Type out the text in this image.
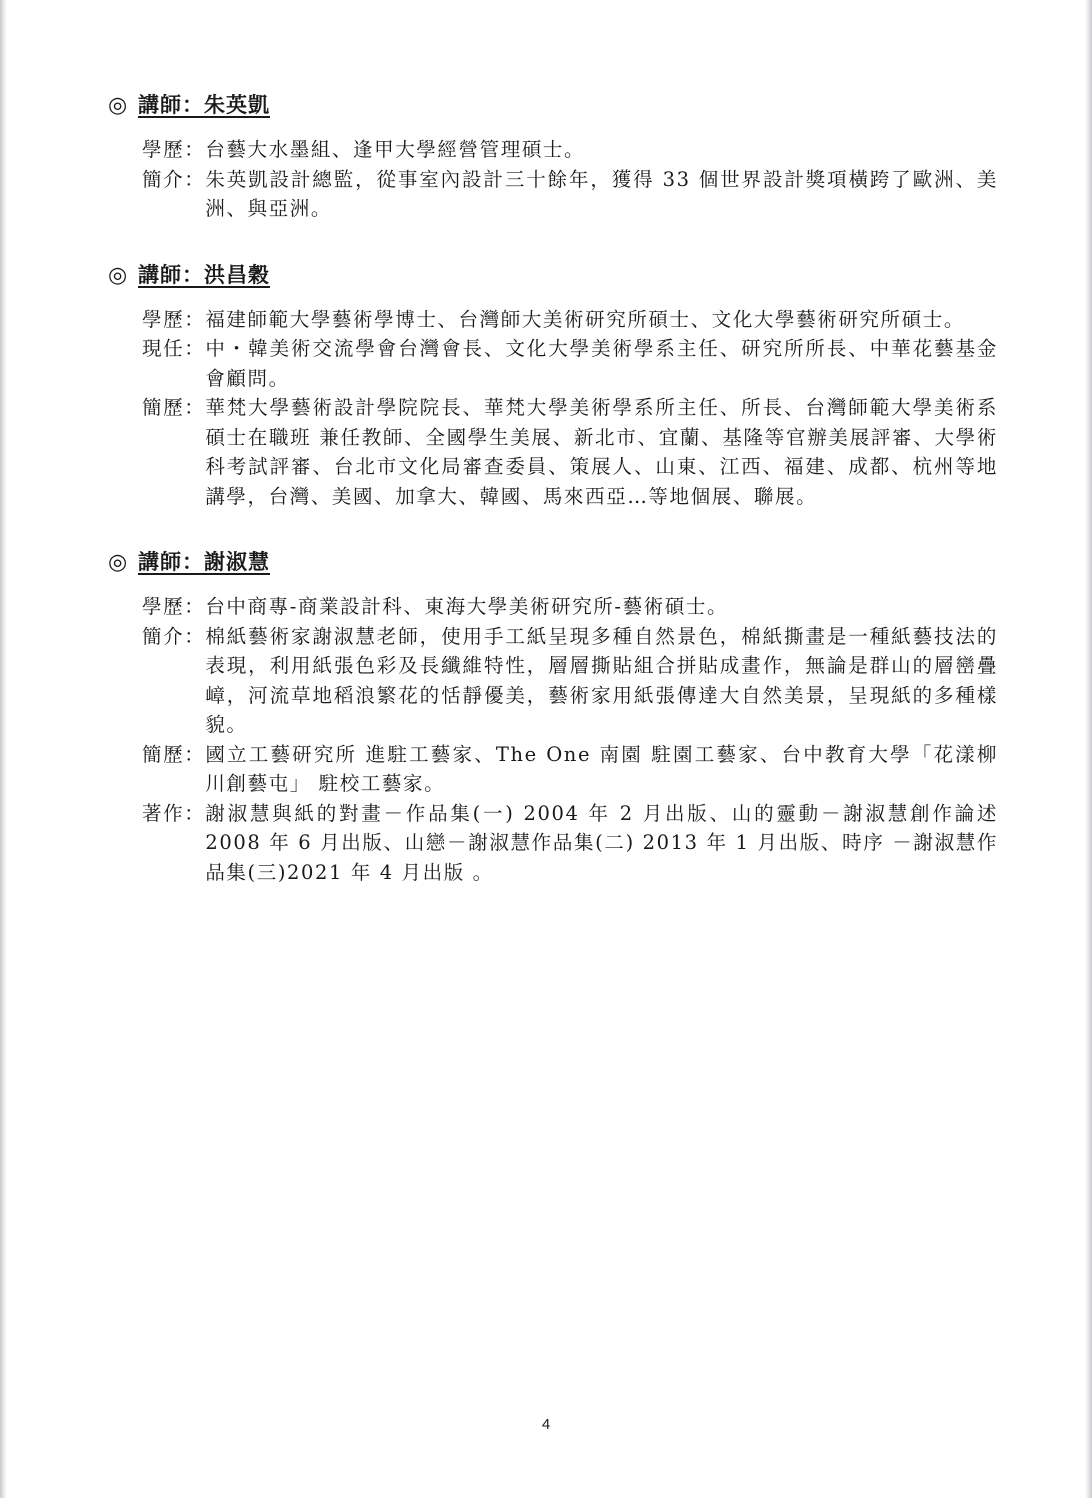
◎ 講師：朱英凱
學歷： 台藝大水墨組、逢甲大學經營管理碩士。
簡介： 朱英凱設計總監，從事室內設計三十餘年，獲得 33 個世界設計獎項橫跨了歐洲、美洲、與亞洲。
◎ 講師：洪昌穀
學歷： 福建師範大學藝術學博士、台灣師大美術研究所碩士、文化大學藝術研究所碩士。
現任： 中・韓美術交流學會台灣會長、文化大學美術學系主任、研究所所長、中華花藝基金會顧問。
簡歷： 華梵大學藝術設計學院院長、華梵大學美術學系所主任、所長、台灣師範大學美術系碩士在職班 兼任教師、全國學生美展、新北市、宜蘭、基隆等官辦美展評審、大學術科考試評審、台北市文化局審查委員、策展人、山東、江西、福建、成都、杭州等地講學，台灣、美國、加拿大、韓國、馬來西亞…等地個展、聯展。
◎ 講師：謝淑慧
學歷： 台中商專-商業設計科、東海大學美術研究所-藝術碩士。
簡介： 棉紙藝術家謝淑慧老師，使用手工紙呈現多種自然景色，棉紙撕畫是一種紙藝技法的表現，利用紙張色彩及長纖維特性，層層撕貼組合拼貼成畫作，無論是群山的層巒疊嶂，河流草地稻浪繁花的恬靜優美，藝術家用紙張傳達大自然美景，呈現紙的多種樣貌。
簡歷： 國立工藝研究所 進駐工藝家、The One 南園 駐園工藝家、台中教育大學「花漾柳川創藝屯」 駐校工藝家。
著作： 謝淑慧與紙的對畫－作品集(一) 2004 年 2 月出版、山的靈動－謝淑慧創作論述 2008 年 6 月出版、山戀－謝淑慧作品集(二) 2013 年 1 月出版、時序 －謝淑慧作品集(三)2021 年 4 月出版 。
4
